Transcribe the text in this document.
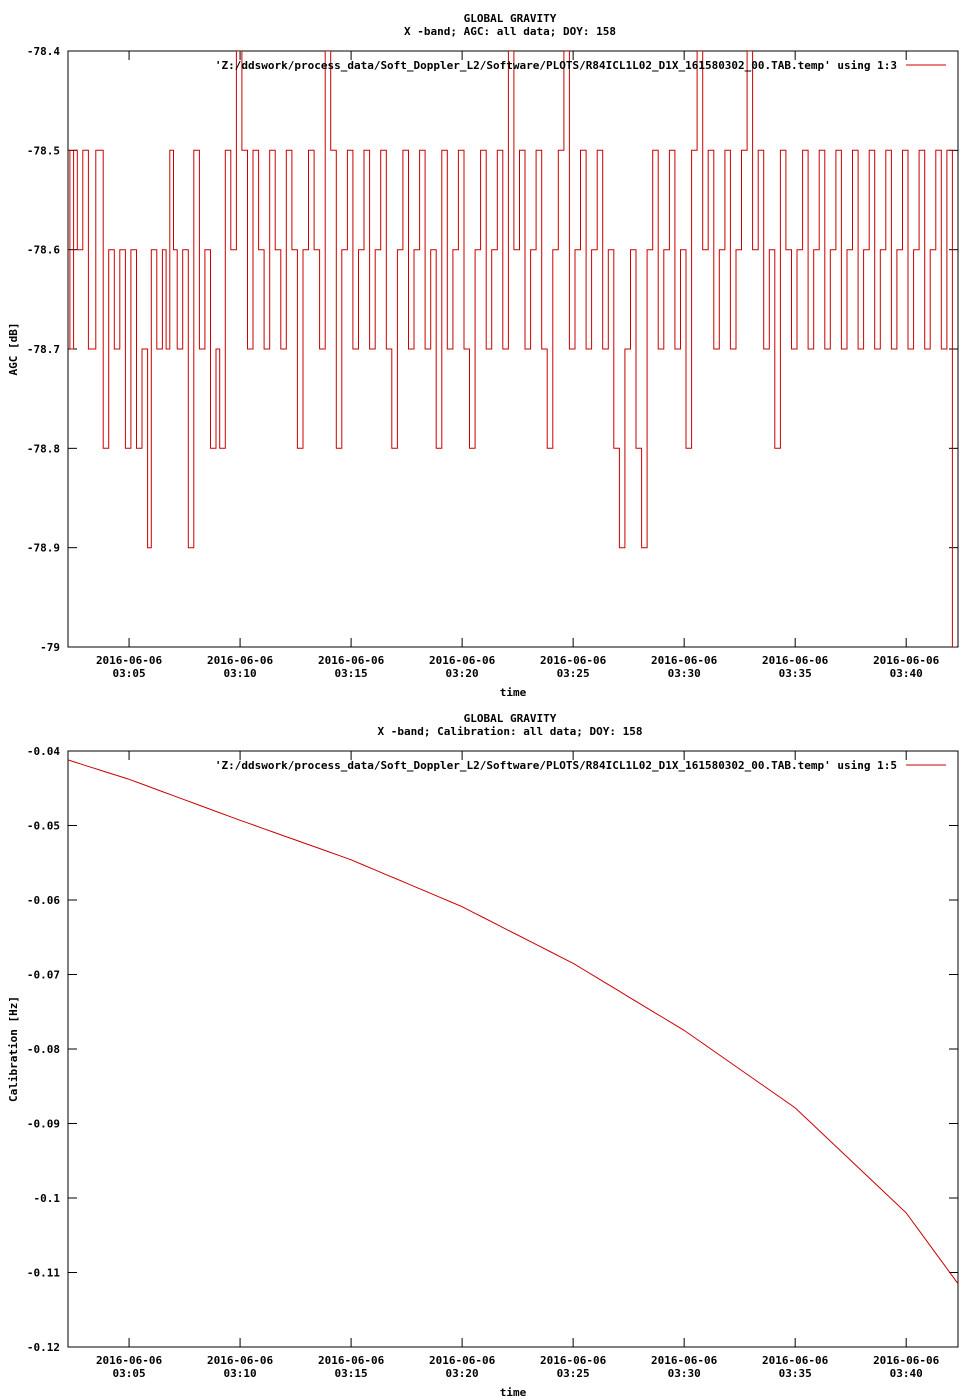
GLOBAL GRAVITY
X -band; AGC: all data; DOY: 158
-78.4
-78.5
-78.6
-78.7
-78.8
-78.9
-79
2016-06-06
03:05
2016-06-06
03:10
2016-06-06
03:15
2016-06-06
03:20
2016-06-06
03:25
2016-06-06
03:30
2016-06-06
03:35
2016-06-06
03:40
time
AGC [dB]
'Z:/ddswork/process_data/Soft_Doppler_L2/Software/PLOTS/R84ICL1L02_D1X_161580302_00.TAB.temp' using 1:3
GLOBAL GRAVITY
X -band; Calibration: all data; DOY: 158
-0.04
-0.05
-0.06
-0.07
-0.08
-0.09
-0.1
-0.11
-0.12
2016-06-06
03:05
2016-06-06
03:10
2016-06-06
03:15
2016-06-06
03:20
2016-06-06
03:25
2016-06-06
03:30
2016-06-06
03:35
2016-06-06
03:40
time
Calibration [Hz]
'Z:/ddswork/process_data/Soft_Doppler_L2/Software/PLOTS/R84ICL1L02_D1X_161580302_00.TAB.temp' using 1:5
